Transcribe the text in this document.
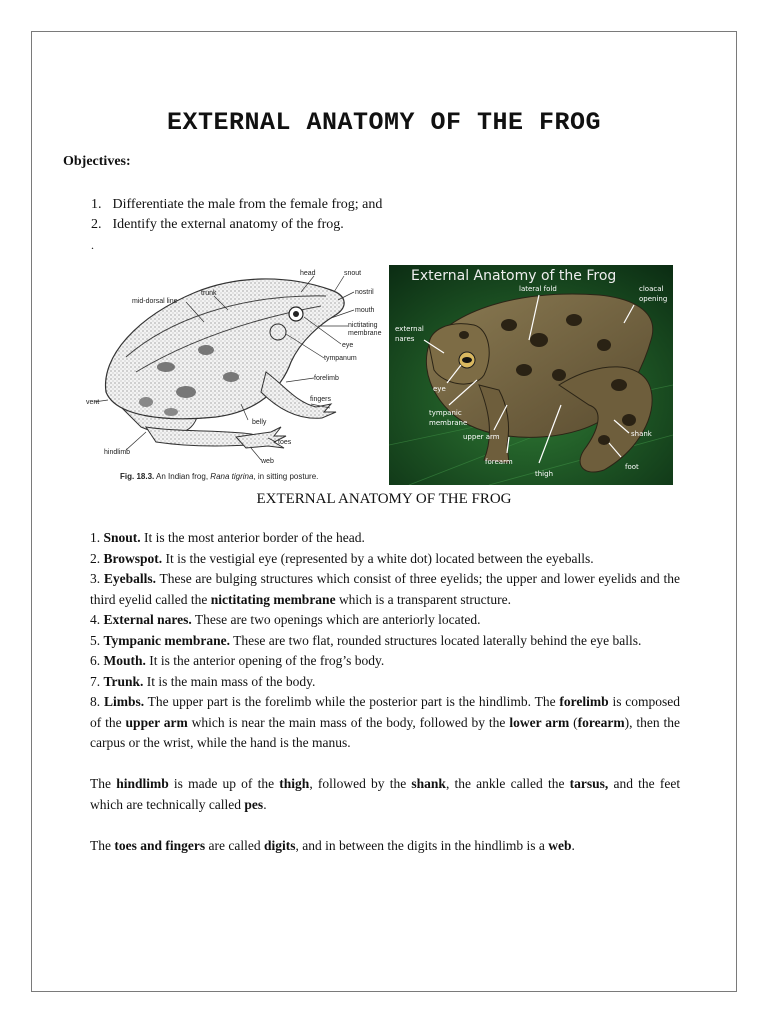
EXTERNAL ANATOMY OF THE FROG
Objectives:
1. Differentiate the male from the female frog; and
2. Identify the external anatomy of the frog.
.
head	snout
nostril
trunk
mid-dorsal line
mouth
nictitating
membrane
eye
tympanum
forelimb
fingers
vent
belly
hindlimb
toes
web
Fig. 18.3. An Indian frog, Rana tigrina, in sitting posture.
External Anatomy of the Frog
lateral fold	cloacal
opening
external
nares
eye
tympanic
membrane
upper arm
forearm
thigh
foot
shank
EXTERNAL ANATOMY OF THE FROG

1. Snout. It is the most anterior border of the head.

2. Browspot. It is the vestigial eye (represented by a white dot) located between the eyeballs.

3. Eyeballs. These are bulging structures which consist of three eyelids; the upper and lower eyelids and the third eyelid called the nictitating membrane which is a transparent structure.

4. External nares. These are two openings which are anteriorly located.

5. Tympanic membrane. These are two flat, rounded structures located laterally behind the eye balls.

6. Mouth. It is the anterior opening of the frog’s body.

7. Trunk. It is the main mass of the body.

8. Limbs. The upper part is the forelimb while the posterior part is the hindlimb. The forelimb is composed of the upper arm which is near the main mass of the body, followed by the lower arm (forearm), then the carpus or the wrist, while the hand is the manus.

The hindlimb is made up of the thigh, followed by the shank, the ankle called the tarsus, and the feet which are technically called pes.

The toes and fingers are called digits, and in between the digits in the hindlimb is a web.
